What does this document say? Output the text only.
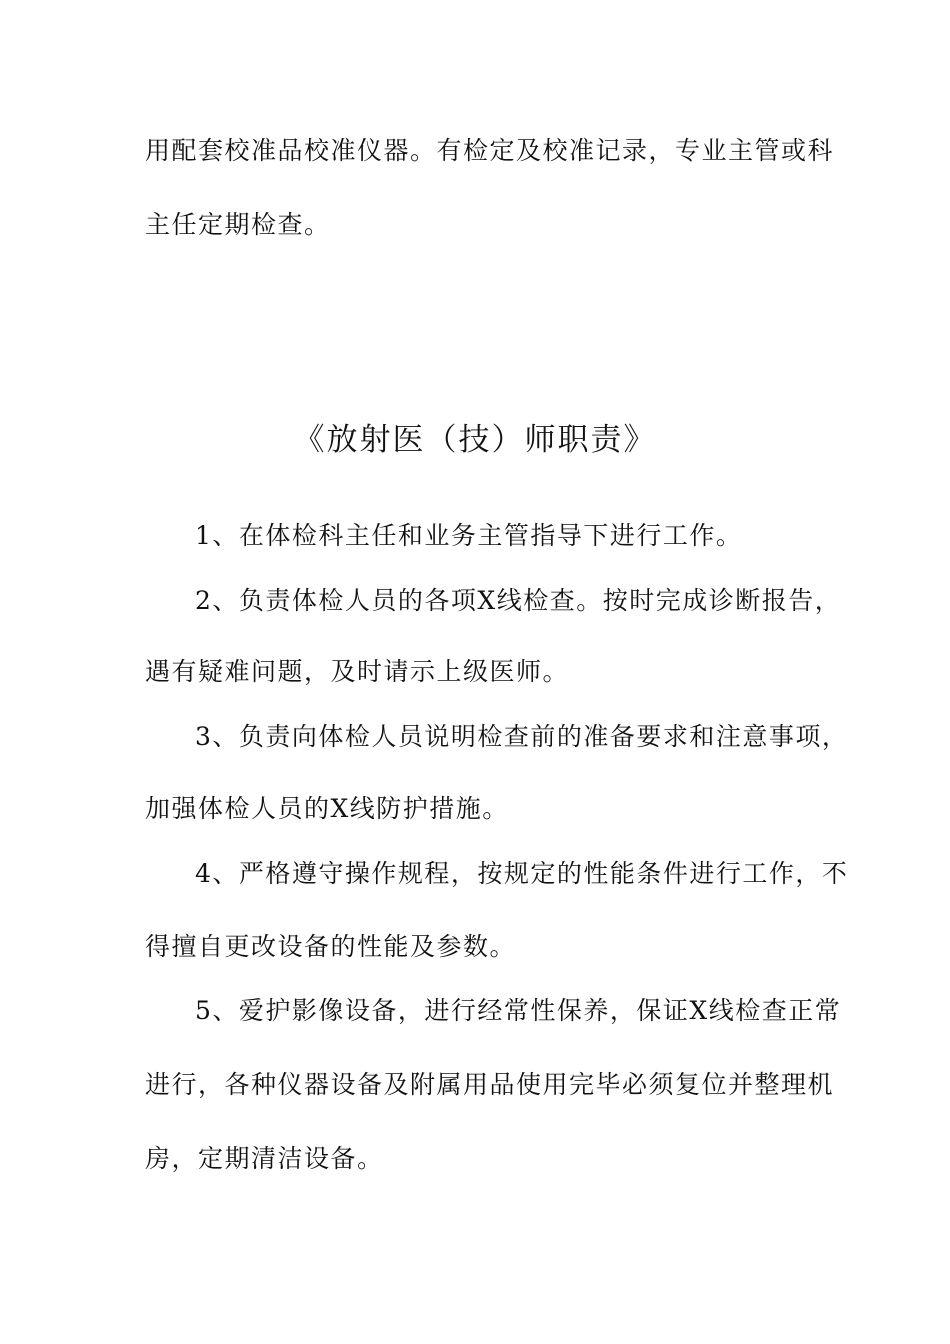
用配套校准品校准仪器。有检定及校准记录，专业主管或科
主任定期检查。
《放射医（技）师职责》
1、在体检科主任和业务主管指导下进行工作。
2、负责体检人员的各项X线检查。按时完成诊断报告，
遇有疑难问题，及时请示上级医师。
3、负责向体检人员说明检查前的准备要求和注意事项，
加强体检人员的X线防护措施。
4、严格遵守操作规程，按规定的性能条件进行工作，不
得擅自更改设备的性能及参数。
5、爱护影像设备，进行经常性保养，保证X线检查正常
进行，各种仪器设备及附属用品使用完毕必须复位并整理机
房，定期清洁设备。
